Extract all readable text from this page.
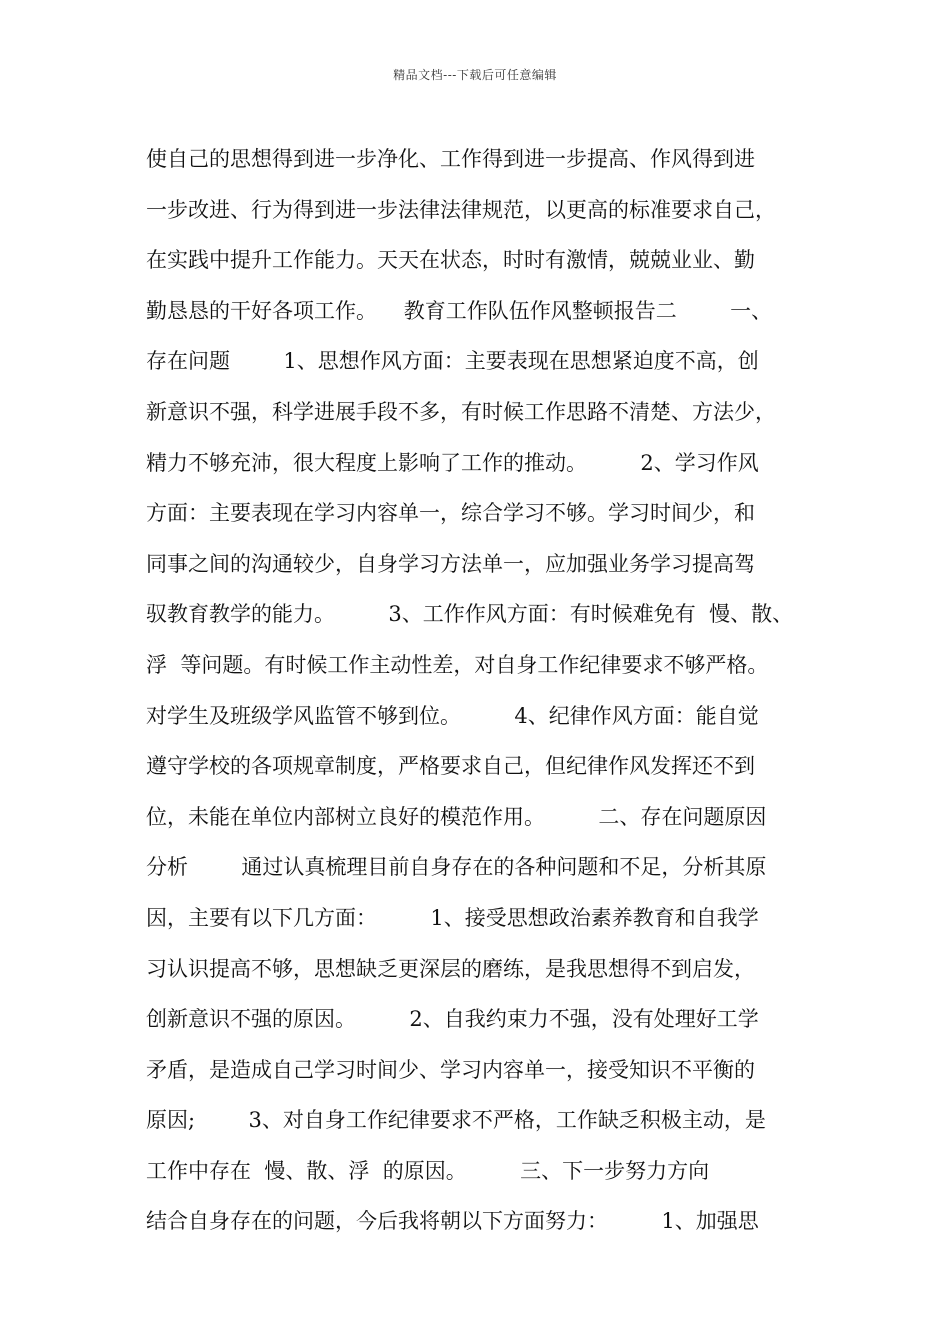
精品文档---下载后可任意编辑
使自己的思想得到进一步净化、工作得到进一步提高、作风得到进
一步改进、行为得到进一步法律法律规范，以更高的标准要求自己，
在实践中提升工作能力。天天在状态，时时有激情，兢兢业业、勤
勤恳恳的干好各项工作。    教育工作队伍作风整顿报告二        一、
存在问题        1、思想作风方面：主要表现在思想紧迫度不高，创
新意识不强，科学进展手段不多，有时候工作思路不清楚、方法少，
精力不够充沛，很大程度上影响了工作的推动。        2、学习作风
方面：主要表现在学习内容单一，综合学习不够。学习时间少，和
同事之间的沟通较少，自身学习方法单一，应加强业务学习提高驾
驭教育教学的能力。        3、工作作风方面：有时候难免有  慢、散、
浮  等问题。有时候工作主动性差，对自身工作纪律要求不够严格。
对学生及班级学风监管不够到位。        4、纪律作风方面：能自觉
遵守学校的各项规章制度，严格要求自己，但纪律作风发挥还不到
位，未能在单位内部树立良好的模范作用。        二、存在问题原因
分析        通过认真梳理目前自身存在的各种问题和不足，分析其原
因，主要有以下几方面：        1、接受思想政治素养教育和自我学
习认识提高不够，思想缺乏更深层的磨练，是我思想得不到启发，
创新意识不强的原因。        2、自我约束力不强，没有处理好工学
矛盾，是造成自己学习时间少、学习内容单一，接受知识不平衡的
原因;        3、对自身工作纪律要求不严格，工作缺乏积极主动，是
工作中存在  慢、散、浮  的原因。        三、下一步努力方向
结合自身存在的问题，今后我将朝以下方面努力：        1、加强思
